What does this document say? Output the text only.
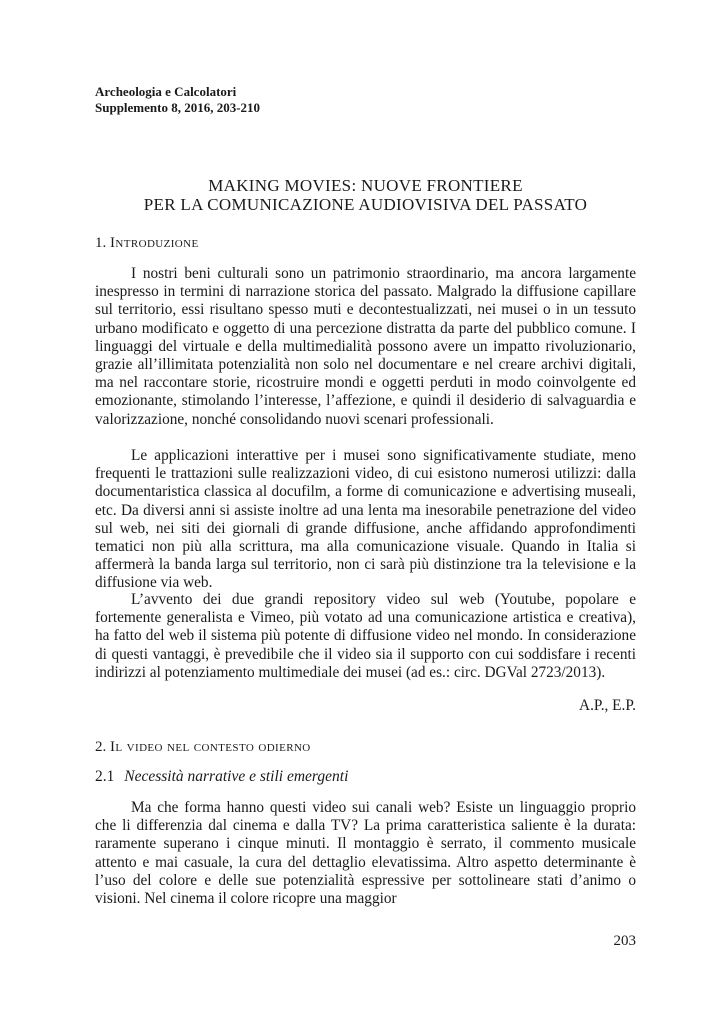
Archeologia e Calcolatori
Supplemento 8, 2016, 203-210
MAKING MOVIES: NUOVE FRONTIERE
PER LA COMUNICAZIONE AUDIOVISIVA DEL PASSATO
1. Introduzione

I nostri beni culturali sono un patrimonio straordinario, ma ancora largamente inespresso in termini di narrazione storica del passato. Malgrado la diffusione capillare sul territorio, essi risultano spesso muti e decontestualizzati, nei musei o in un tessuto urbano modificato e oggetto di una percezione distratta da parte del pubblico comune. I linguaggi del virtuale e della multimedialità possono avere un impatto rivoluzionario, grazie all’illimitata potenzialità non solo nel documentare e nel creare archivi digitali, ma nel raccontare storie, ricostruire mondi e oggetti perduti in modo coinvolgente ed emozionante, stimolando l’interesse, l’affezione, e quindi il desiderio di salvaguardia e valorizzazione, nonché consolidando nuovi scenari professionali.

Le applicazioni interattive per i musei sono significativamente studiate, meno frequenti le trattazioni sulle realizzazioni video, di cui esistono numerosi utilizzi: dalla documentaristica classica al docufilm, a forme di comunicazione e advertising museali, etc. Da diversi anni si assiste inoltre ad una lenta ma inesorabile penetrazione del video sul web, nei siti dei giornali di grande diffusione, anche affidando approfondimenti tematici non più alla scrittura, ma alla comunicazione visuale. Quando in Italia si affermerà la banda larga sul territorio, non ci sarà più distinzione tra la televisione e la diffusione via web.

L’avvento dei due grandi repository video sul web (Youtube, popolare e fortemente generalista e Vimeo, più votato ad una comunicazione artistica e creativa), ha fatto del web il sistema più potente di diffusione video nel mondo. In considerazione di questi vantaggi, è prevedibile che il video sia il supporto con cui soddisfare i recenti indirizzi al potenziamento multimediale dei musei (ad es.: circ. DGVal 2723/2013).

A.P., E.P.
2. Il video nel contesto odierno
2.1 Necessità narrative e stili emergenti

Ma che forma hanno questi video sui canali web? Esiste un linguaggio proprio che li differenzia dal cinema e dalla TV? La prima caratteristica saliente è la durata: raramente superano i cinque minuti. Il montaggio è serrato, il commento musicale attento e mai casuale, la cura del dettaglio elevatissima. Altro aspetto determinante è l’uso del colore e delle sue potenzialità espressive per sottolineare stati d’animo o visioni. Nel cinema il colore ricopre una maggior

203
